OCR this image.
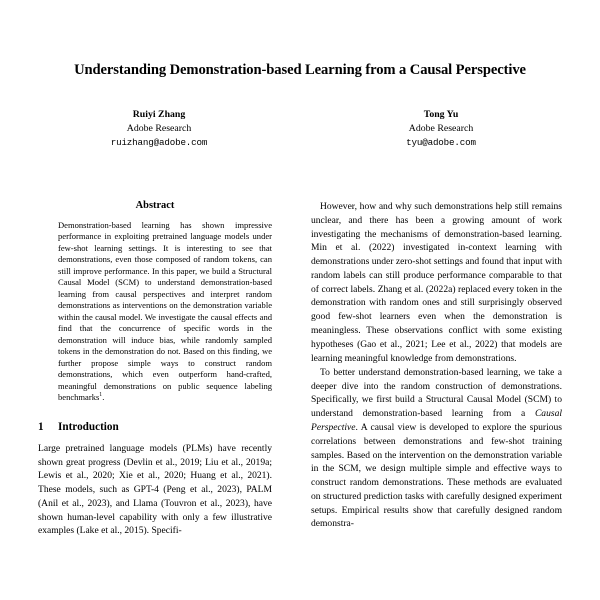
Understanding Demonstration-based Learning from a Causal Perspective
Ruiyi Zhang
Adobe Research
ruizhang@adobe.com
Tong Yu
Adobe Research
tyu@adobe.com
Abstract

Demonstration-based learning has shown impressive performance in exploiting pretrained language models under few-shot learning settings. It is interesting to see that demonstrations, even those composed of random tokens, can still improve performance. In this paper, we build a Structural Causal Model (SCM) to understand demonstration-based learning from causal perspectives and interpret random demonstrations as interventions on the demonstration variable within the causal model. We investigate the causal effects and find that the concurrence of specific words in the demonstration will induce bias, while randomly sampled tokens in the demonstration do not. Based on this finding, we further propose simple ways to construct random demonstrations, which even outperform hand-crafted, meaningful demonstrations on public sequence labeling benchmarks$^1$.

1	Introduction

Large pretrained language models (PLMs) have recently shown great progress (Devlin et al., 2019; Liu et al., 2019a; Lewis et al., 2020; Xie et al., 2020; Huang et al., 2021). These models, such as GPT-4 (Peng et al., 2023), PALM (Anil et al., 2023), and Llama (Touvron et al., 2023), have shown human-level capability with only a few illustrative examples (Lake et al., 2015). Specifi-

However, how and why such demonstrations help still remains unclear, and there has been a growing amount of work investigating the mechanisms of demonstration-based learning. Min et al. (2022) investigated in-context learning with demonstrations under zero-shot settings and found that input with random labels can still produce performance comparable to that of correct labels. Zhang et al. (2022a) replaced every token in the demonstration with random ones and still surprisingly observed good few-shot learners even when the demonstration is meaningless. These observations conflict with some existing hypotheses (Gao et al., 2021; Lee et al., 2022) that models are learning meaningful knowledge from demonstrations.

To better understand demonstration-based learning, we take a deeper dive into the random construction of demonstrations. Specifically, we first build a Structural Causal Model (SCM) to understand demonstration-based learning from a Causal Perspective. A causal view is developed to explore the spurious correlations between demonstrations and few-shot training samples. Based on the intervention on the demonstration variable in the SCM, we design multiple simple and effective ways to construct random demonstrations. These methods are evaluated on structured prediction tasks with carefully designed experiment setups. Empirical results show that carefully designed random demonstra-
